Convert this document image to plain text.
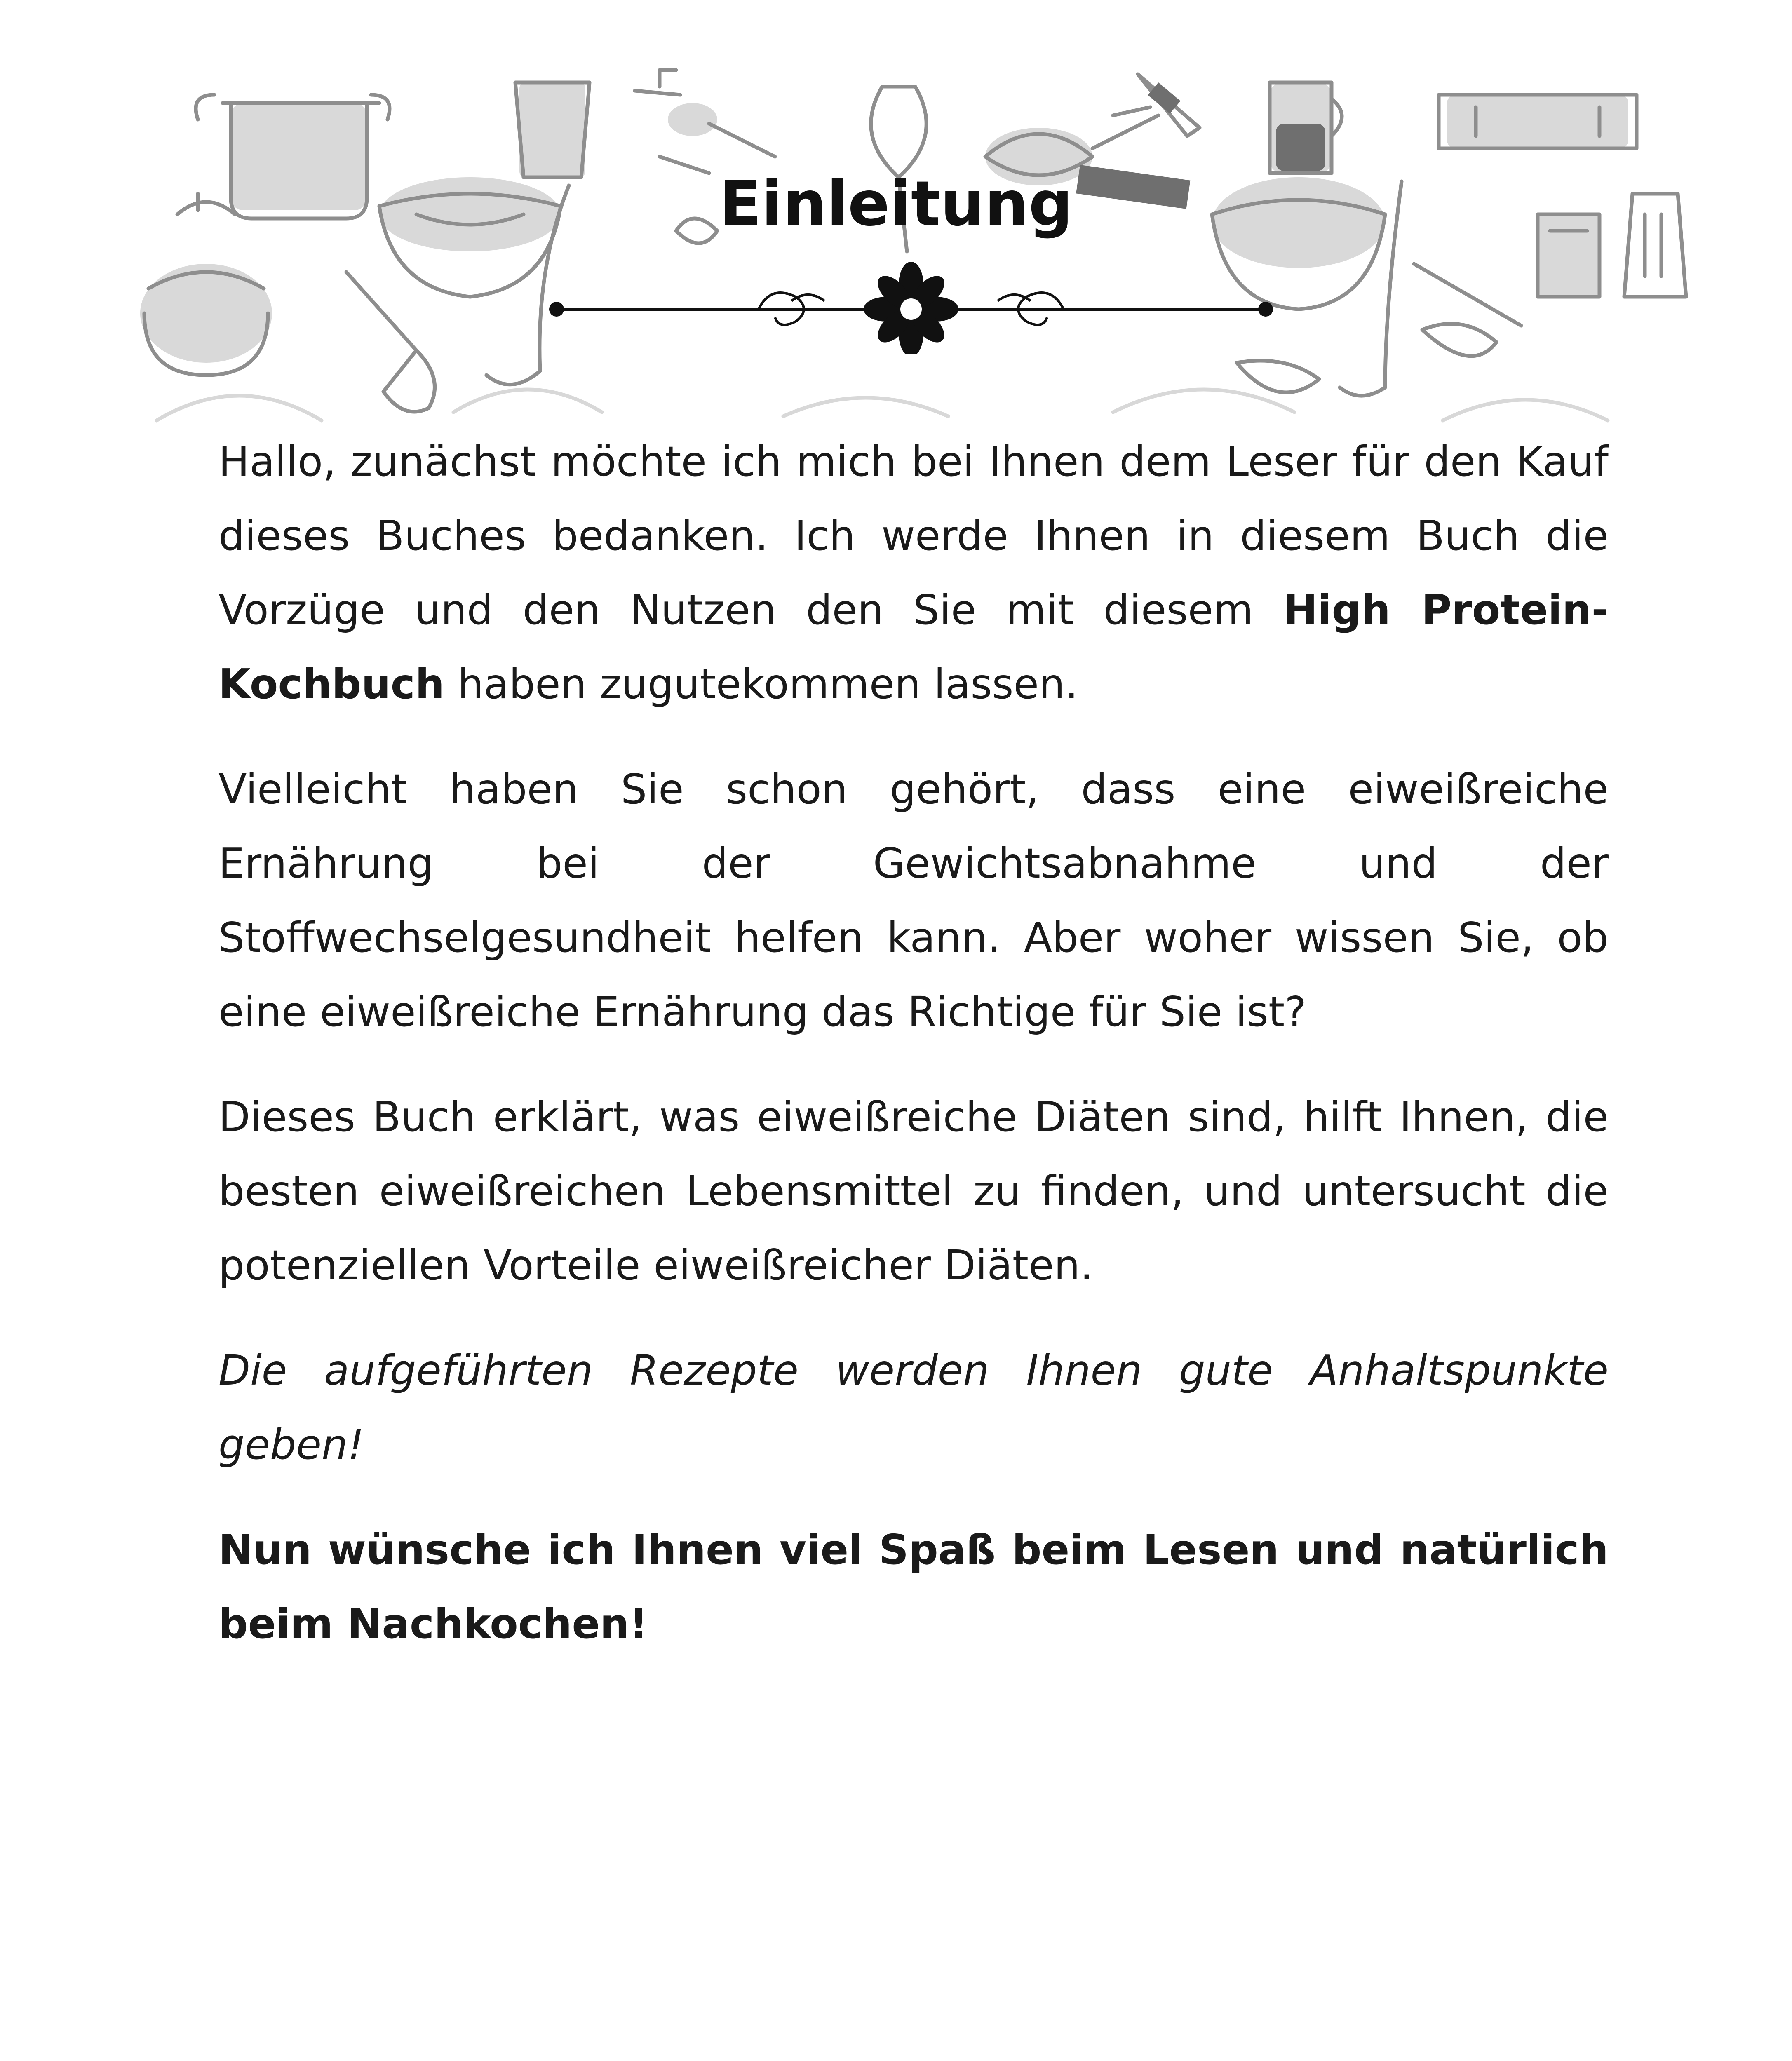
Einleitung

Hallo, zunächst möchte ich mich bei Ihnen dem Leser für den Kauf dieses Buches bedanken. Ich werde Ihnen in diesem Buch die Vorzüge und den Nutzen den Sie mit diesem High Protein-Kochbuch haben zugutekommen lassen.

Vielleicht haben Sie schon gehört, dass eine eiweißreiche Ernährung bei der Gewichtsabnahme und der Stoffwechselgesundheit helfen kann. Aber woher wissen Sie, ob eine eiweißreiche Ernährung das Richtige für Sie ist?

Dieses Buch erklärt, was eiweißreiche Diäten sind, hilft Ihnen, die besten eiweißreichen Lebensmittel zu finden, und untersucht die potenziellen Vorteile eiweißreicher Diäten.

Die aufgeführten Rezepte werden Ihnen gute Anhaltspunkte geben!

Nun wünsche ich Ihnen viel Spaß beim Lesen und natürlich beim Nachkochen!
